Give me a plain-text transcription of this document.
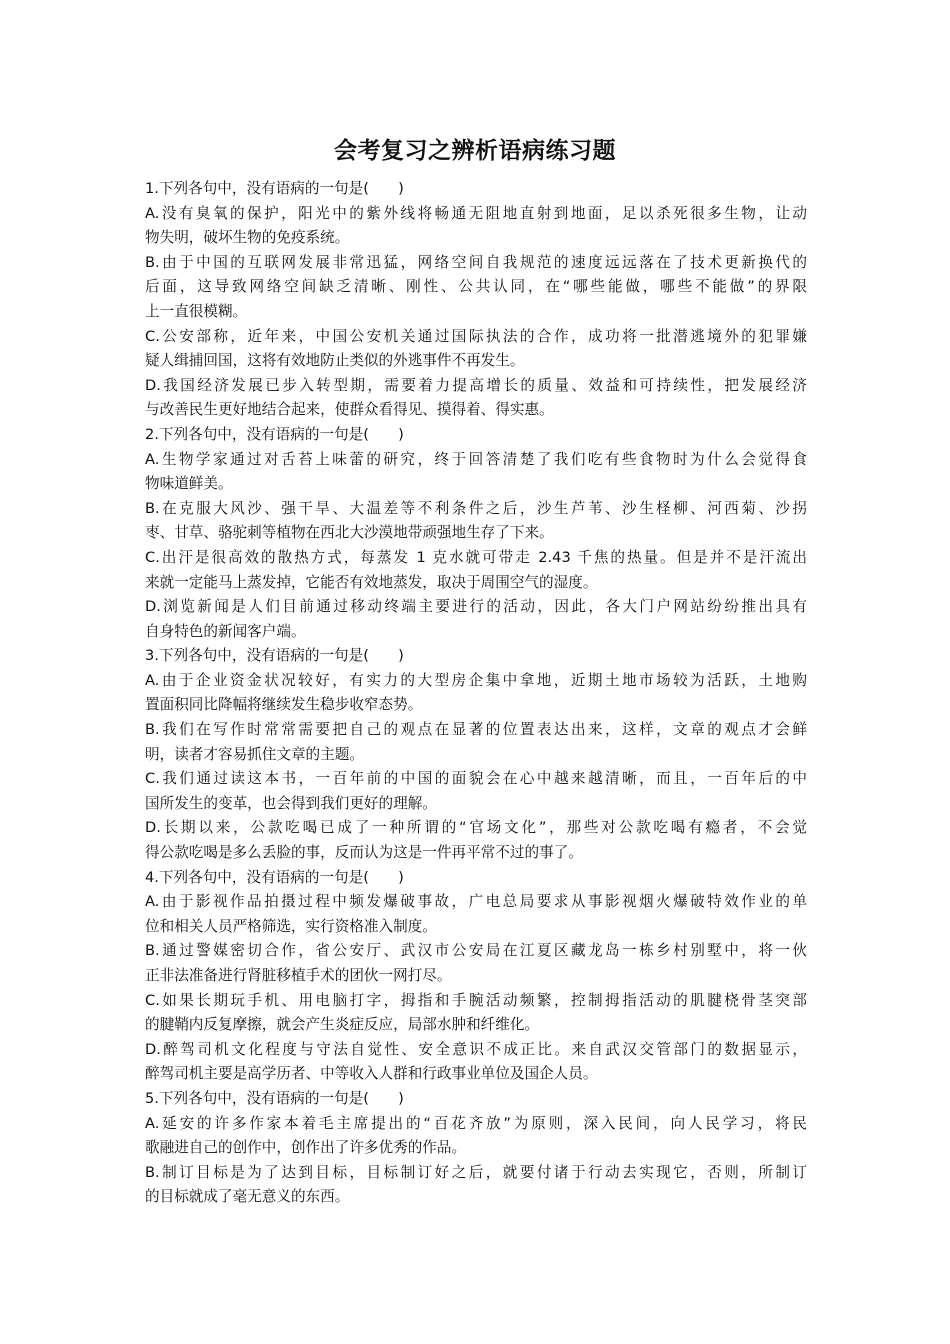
会考复习之辨析语病练习题
1.下列各句中，没有语病的一句是(　　)
A.没有臭氧的保护，阳光中的紫外线将畅通无阻地直射到地面，足以杀死很多生物，让动
物失明，破坏生物的免疫系统。
B.由于中国的互联网发展非常迅猛，网络空间自我规范的速度远远落在了技术更新换代的
后面，这导致网络空间缺乏清晰、刚性、公共认同，在“哪些能做，哪些不能做”的界限
上一直很模糊。
C.公安部称，近年来，中国公安机关通过国际执法的合作，成功将一批潜逃境外的犯罪嫌
疑人缉捕回国，这将有效地防止类似的外逃事件不再发生。
D.我国经济发展已步入转型期，需要着力提高增长的质量、效益和可持续性，把发展经济
与改善民生更好地结合起来，使群众看得见、摸得着、得实惠。
2.下列各句中，没有语病的一句是(　　)
A.生物学家通过对舌苔上味蕾的研究，终于回答清楚了我们吃有些食物时为什么会觉得食
物味道鲜美。
B.在克服大风沙、强干旱、大温差等不利条件之后，沙生芦苇、沙生柽柳、河西菊、沙拐
枣、甘草、骆驼刺等植物在西北大沙漠地带顽强地生存了下来。
C.出汗是很高效的散热方式，每蒸发 1 克水就可带走 2.43 千焦的热量。但是并不是汗流出
来就一定能马上蒸发掉，它能否有效地蒸发，取决于周围空气的湿度。
D.浏览新闻是人们目前通过移动终端主要进行的活动，因此，各大门户网站纷纷推出具有
自身特色的新闻客户端。
3.下列各句中，没有语病的一句是(　　)
A.由于企业资金状况较好，有实力的大型房企集中拿地，近期土地市场较为活跃，土地购
置面积同比降幅将继续发生稳步收窄态势。
B.我们在写作时常常需要把自己的观点在显著的位置表达出来，这样，文章的观点才会鲜
明，读者才容易抓住文章的主题。
C.我们通过读这本书，一百年前的中国的面貌会在心中越来越清晰，而且，一百年后的中
国所发生的变革，也会得到我们更好的理解。
D.长期以来，公款吃喝已成了一种所谓的“官场文化”，那些对公款吃喝有瘾者，不会觉
得公款吃喝是多么丢脸的事，反而认为这是一件再平常不过的事了。
4.下列各句中，没有语病的一句是(　　)
A.由于影视作品拍摄过程中频发爆破事故，广电总局要求从事影视烟火爆破特效作业的单
位和相关人员严格筛选，实行资格准入制度。
B.通过警媒密切合作，省公安厅、武汉市公安局在江夏区藏龙岛一栋乡村别墅中，将一伙
正非法准备进行肾脏移植手术的团伙一网打尽。
C.如果长期玩手机、用电脑打字，拇指和手腕活动频繁，控制拇指活动的肌腱桡骨茎突部
的腱鞘内反复摩擦，就会产生炎症反应，局部水肿和纤维化。
D.醉驾司机文化程度与守法自觉性、安全意识不成正比。来自武汉交管部门的数据显示，
醉驾司机主要是高学历者、中等收入人群和行政事业单位及国企人员。
5.下列各句中，没有语病的一句是(　　)
A.延安的许多作家本着毛主席提出的“百花齐放”为原则，深入民间，向人民学习，将民
歌融进自己的创作中，创作出了许多优秀的作品。
B.制订目标是为了达到目标，目标制订好之后，就要付诸于行动去实现它，否则，所制订
的目标就成了毫无意义的东西。
